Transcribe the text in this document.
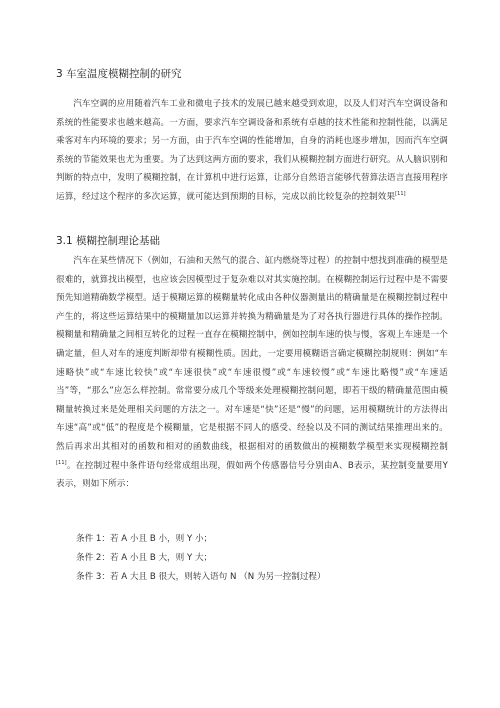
3 车室温度模糊控制的研究
汽车空调的应用随着汽车工业和微电子技术的发展已越来越受到欢迎，以及人们对汽车空调设备和系统的性能要求也越来越高。一方面，要求汽车空调设备和系统有卓越的技术性能和控制性能，以满足乘客对车内环境的要求；另一方面，由于汽车空调的性能增加，自身的消耗也逐步增加，因而汽车空调系统的节能效果也尤为重要。为了达到这两方面的要求，我们从模糊控制方面进行研究。从人脑识别和判断的特点中，发明了模糊控制，在计算机中进行运算，让部分自然语言能够代替算法语言直接用程序运算，经过这个程序的多次运算，就可能达到预期的目标，完成以前比较复杂的控制效果[11]
3.1 模糊控制理论基础
汽车在某些情况下（例如，石油和天然气的混合、缸内燃烧等过程）的控制中想找到准确的模型是很难的，就算找出模型，也应该会因模型过于复杂难以对其实施控制。在模糊控制运行过程中是不需要预先知道精确数学模型。适于模糊运算的模糊量转化成由各种仪器测量出的精确量是在模糊控制过程中产生的，将这些运算结果中的模糊量加以运算并转换为精确量是为了对各执行器进行具体的操作控制。模糊量和精确量之间相互转化的过程一直存在模糊控制中，例如控制车速的快与慢，客观上车速是一个确定量，但人对车的速度判断却带有模糊性质。因此，一定要用模糊语言确定模糊控制规则：例如“车速略快”或“车速比较快”或“车速很快”或“车速很慢”或“车速较慢”或“车速比略慢”或“车速适当”等，“那么”应怎么样控制。常常要分成几个等级来处理模糊控制问题，即若干级的精确量范围由模糊量转换过来是处理相关问题的方法之一。对车速是“快”还是“慢”的问题，运用模糊统计的方法得出车速“高”或“低”的程度是个模糊量，它是根据不同人的感受、经验以及不同的测试结果推理出来的。然后再求出其相对的函数和相对的函数曲线，根据相对的函数做出的模糊数学模型来实现模糊控制[11]。在控制过程中条件语句经常成组出现，假如两个传感器信号分别由A、B表示，某控制变量要用Y表示，则如下所示：
条件 1：若 A 小且 B 小，则 Y 小；
条件 2：若 A 小且 B 大，则 Y 大；
条件 3：若 A 大且 B 很大，则转入语句 N （N 为另一控制过程）
